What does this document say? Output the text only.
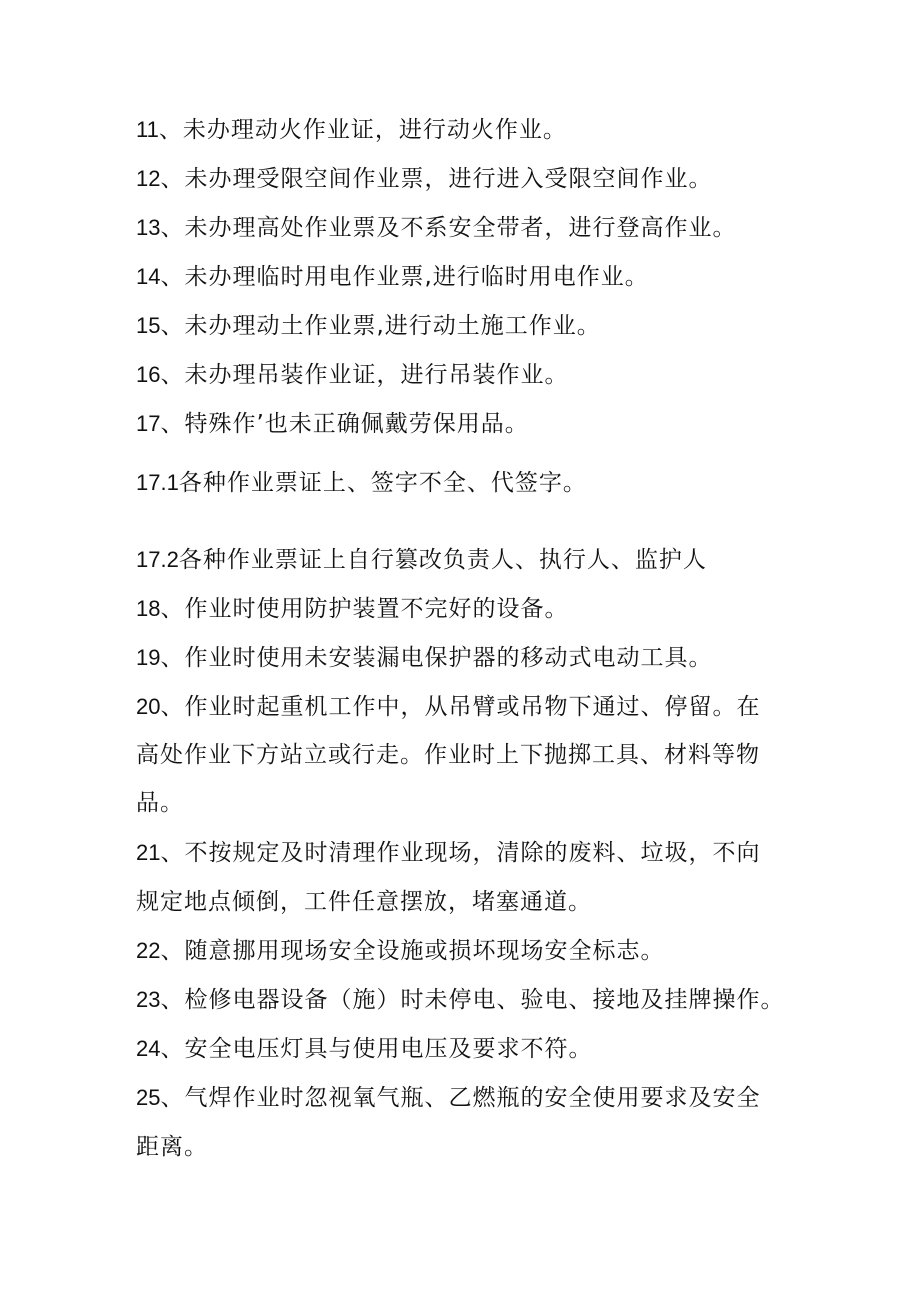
11、未办理动火作业证，进行动火作业。
12、未办理受限空间作业票，进行进入受限空间作业。
13、未办理高处作业票及不系安全带者，进行登高作业。
14、未办理临时用电作业票,进行临时用电作业。
15、未办理动土作业票,进行动土施工作业。
16、未办理吊装作业证，进行吊装作业。
17、特殊作’也未正确佩戴劳保用品。
17.1各种作业票证上、签字不全、代签字。
17.2各种作业票证上自行篡改负责人、执行人、监护人
18、作业时使用防护装置不完好的设备。
19、作业时使用未安装漏电保护器的移动式电动工具。
20、作业时起重机工作中，从吊臂或吊物下通过、停留。在
高处作业下方站立或行走。作业时上下抛掷工具、材料等物
品。
21、不按规定及时清理作业现场，清除的废料、垃圾，不向
规定地点倾倒，工件任意摆放，堵塞通道。
22、随意挪用现场安全设施或损坏现场安全标志。
23、检修电器设备（施）时未停电、验电、接地及挂牌操作。
24、安全电压灯具与使用电压及要求不符。
25、气焊作业时忽视氧气瓶、乙燃瓶的安全使用要求及安全
距离。
